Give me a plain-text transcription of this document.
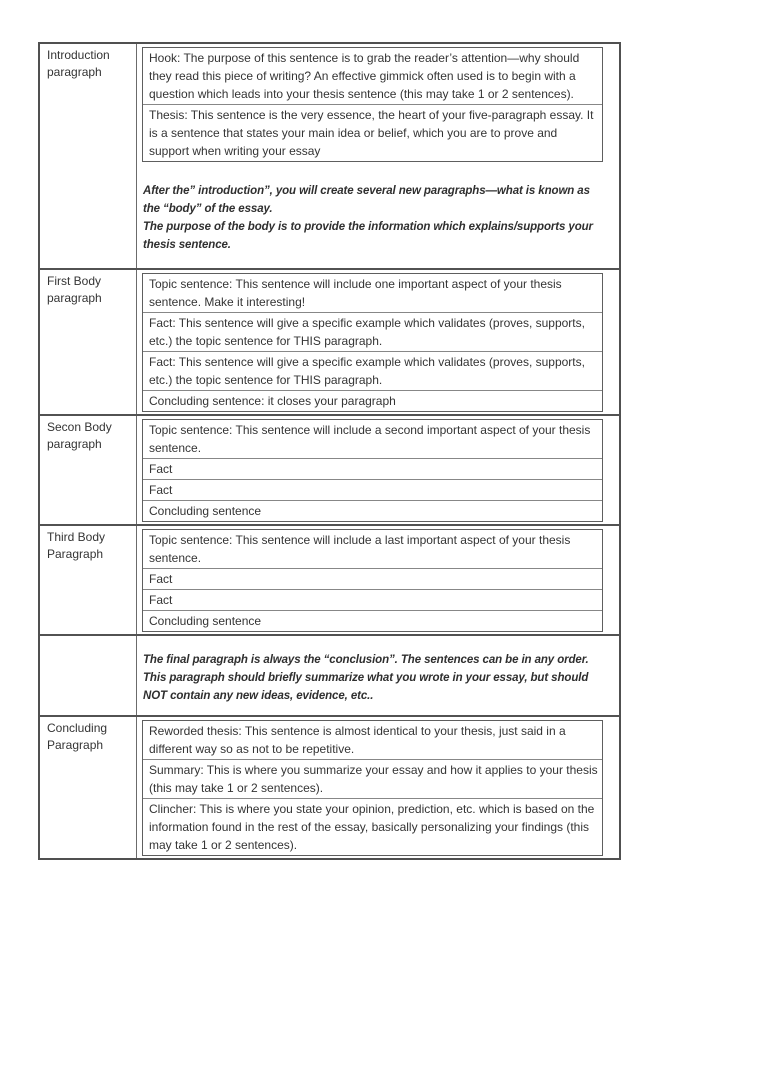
Introduction paragraph
Hook: The purpose of this sentence is to grab the reader’s attention—why should they read this piece of writing? An effective gimmick often used is to begin with a question which leads into your thesis sentence (this may take 1 or 2 sentences).
Thesis: This sentence is the very essence, the heart of your five-paragraph essay. It is a sentence that states your main idea or belief, which you are to prove and support when writing your essay

After the” introduction”, you will create several new paragraphs—what is known as the “body” of the essay.

The purpose of the body is to provide the information which explains/supports your thesis sentence.

First Body paragraph
Topic sentence: This sentence will include one important aspect of your thesis sentence. Make it interesting!
Fact: This sentence will give a specific example which validates (proves, supports, etc.) the topic sentence for THIS paragraph.
Fact: This sentence will give a specific example which validates (proves, supports, etc.) the topic sentence for THIS paragraph.
Concluding sentence: it closes your paragraph
Secon Body paragraph
Topic sentence: This sentence will include a second important aspect of your thesis sentence.
Fact
Fact
Concluding sentence
Third Body Paragraph
Topic sentence: This sentence will include a last important aspect of your thesis sentence.
Fact
Fact
Concluding sentence

The final paragraph is always the “conclusion”. The sentences can be in any order. This paragraph should briefly summarize what you wrote in your essay, but should NOT contain any new ideas, evidence, etc..

Concluding Paragraph
Reworded thesis: This sentence is almost identical to your thesis, just said in a different way so as not to be repetitive.
Summary: This is where you summarize your essay and how it applies to your thesis (this may take 1 or 2 sentences).
Clincher: This is where you state your opinion, prediction, etc. which is based on the information found in the rest of the essay, basically personalizing your findings (this may take 1 or 2 sentences).
